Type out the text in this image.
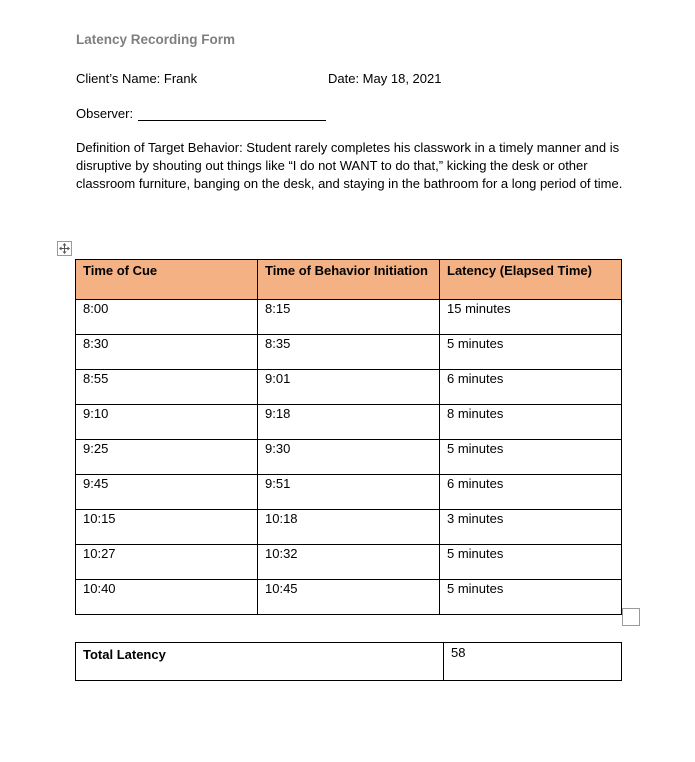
Latency Recording Form
Client’s Name: Frank	Date: May 18, 2021
Observer:
Definition of Target Behavior: Student rarely completes his classwork in a timely manner and is disruptive by shouting out things like “I do not WANT to do that,” kicking the desk or other classroom furniture, banging on the desk, and staying in the bathroom for a long period of time.
Time of Cue	Time of Behavior Initiation	Latency (Elapsed Time)
8:00	8:15	15 minutes
8:30	8:35	5 minutes
8:55	9:01	6 minutes
9:10	9:18	8 minutes
9:25	9:30	5 minutes
9:45	9:51	6 minutes
10:15	10:18	3 minutes
10:27	10:32	5 minutes
10:40	10:45	5 minutes
Total Latency	58
